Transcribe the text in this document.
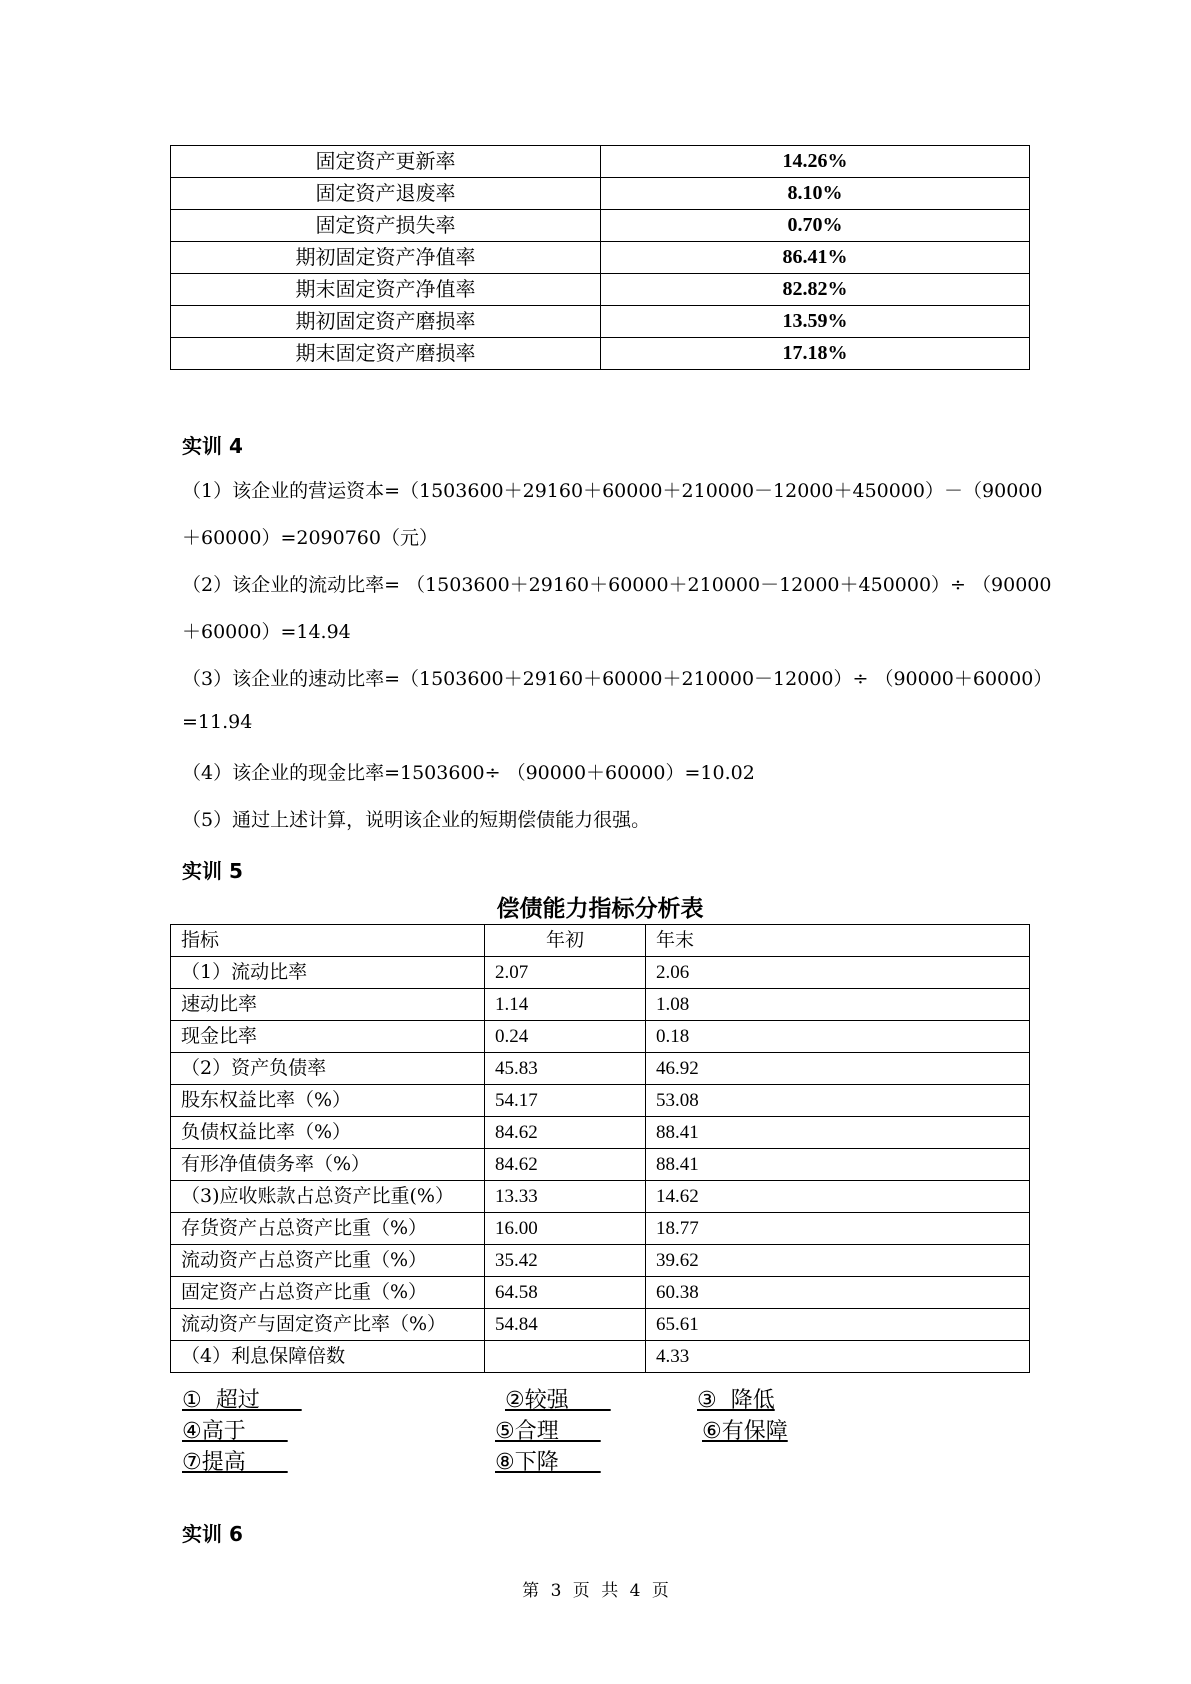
固定资产更新率	14.26%
固定资产退废率	8.10%
固定资产损失率	0.70%
期初固定资产净值率	86.41%
期末固定资产净值率	82.82%
期初固定资产磨损率	13.59%
期末固定资产磨损率	17.18%
实训 4
（1）该企业的营运资本=（1503600＋29160＋60000＋210000－12000＋450000）－（90000
＋60000）=2090760（元）
（2）该企业的流动比率= （1503600＋29160＋60000＋210000－12000＋450000）÷ （90000
＋60000）=14.94
（3）该企业的速动比率=（1503600＋29160＋60000＋210000－12000）÷ （90000＋60000）
=11.94
（4）该企业的现金比率=1503600÷ （90000＋60000）=10.02
（5）通过上述计算，说明该企业的短期偿债能力很强。
实训 5
偿债能力指标分析表
指标	年初	年末
（1）流动比率	2.07	2.06
速动比率	1.14	1.08
现金比率	0.24	0.18
（2）资产负债率	45.83	46.92
股东权益比率（%）	54.17	53.08
负债权益比率（%）	84.62	88.41
有形净值债务率（%）	84.62	88.41
（3)应收账款占总资产比重(%）	13.33	14.62
存货资产占总资产比重（%）	16.00	18.77
流动资产占总资产比重（%）	35.42	39.62
固定资产占总资产比重（%）	64.58	60.38
流动资产与固定资产比率（%）	54.84	65.61
（4）利息保障倍数		4.33
①  超过	②较强	③  降低
④高于	⑤合理	⑥有保障
⑦提高	⑧下降
实训 6
第 3 页 共 4 页
